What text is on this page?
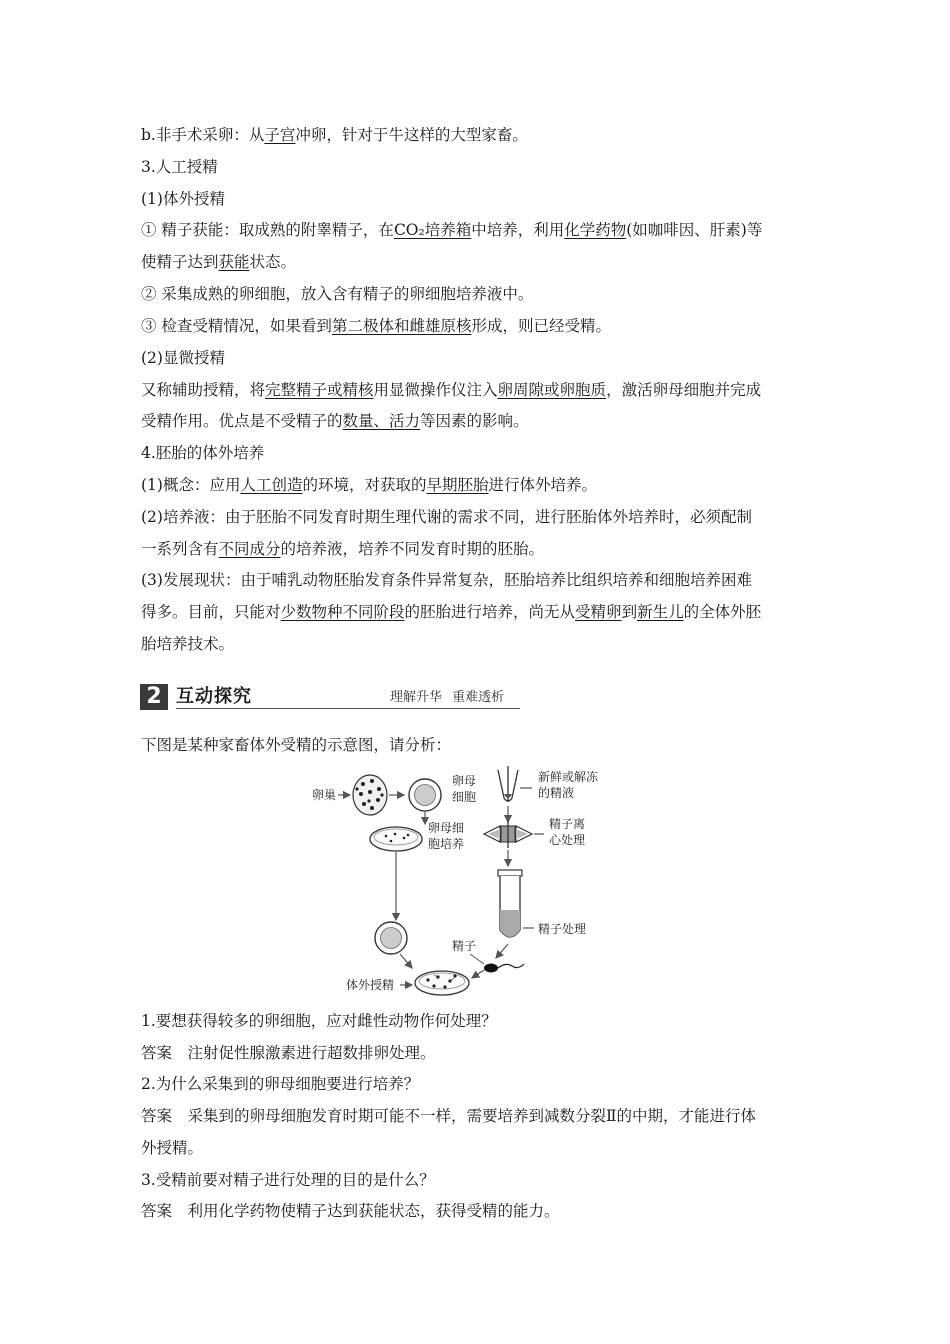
b.非手术采卵：从子宫冲卵，针对于牛这样的大型家畜。
3.人工授精
(1)体外授精
① 精子获能：取成熟的附睾精子，在CO₂培养箱中培养，利用化学药物(如咖啡因、肝素)等
使精子达到获能状态。
② 采集成熟的卵细胞，放入含有精子的卵细胞培养液中。
③ 检查受精情况，如果看到第二极体和雌雄原核形成，则已经受精。
(2)显微授精
又称辅助授精，将完整精子或精核用显微操作仪注入卵周隙或卵胞质，激活卵母细胞并完成
受精作用。优点是不受精子的数量、活力等因素的影响。
4.胚胎的体外培养
(1)概念：应用人工创造的环境，对获取的早期胚胎进行体外培养。
(2)培养液：由于胚胎不同发育时期生理代谢的需求不同，进行胚胎体外培养时，必须配制
一系列含有不同成分的培养液，培养不同发育时期的胚胎。
(3)发展现状：由于哺乳动物胚胎发育条件异常复杂，胚胎培养比组织培养和细胞培养困难
得多。目前，只能对少数物种不同阶段的胚胎进行培养，尚无从受精卵到新生儿的全体外胚
胎培养技术。
下图是某种家畜体外受精的示意图，请分析：
1.要想获得较多的卵细胞，应对雌性动物作何处理？
答案　注射促性腺激素进行超数排卵处理。
2.为什么采集到的卵母细胞要进行培养？
答案　采集到的卵母细胞发育时期可能不一样，需要培养到减数分裂Ⅱ的中期，才能进行体
外授精。
3.受精前要对精子进行处理的目的是什么？
答案　利用化学药物使精子达到获能状态，获得受精的能力。
2 互动探究	理解升华 重难透析
卵巢
卵母
细胞
卵母细
胞培养
体外授精
新鲜或解冻
的精液
精子离
心处理
精子处理
精子
